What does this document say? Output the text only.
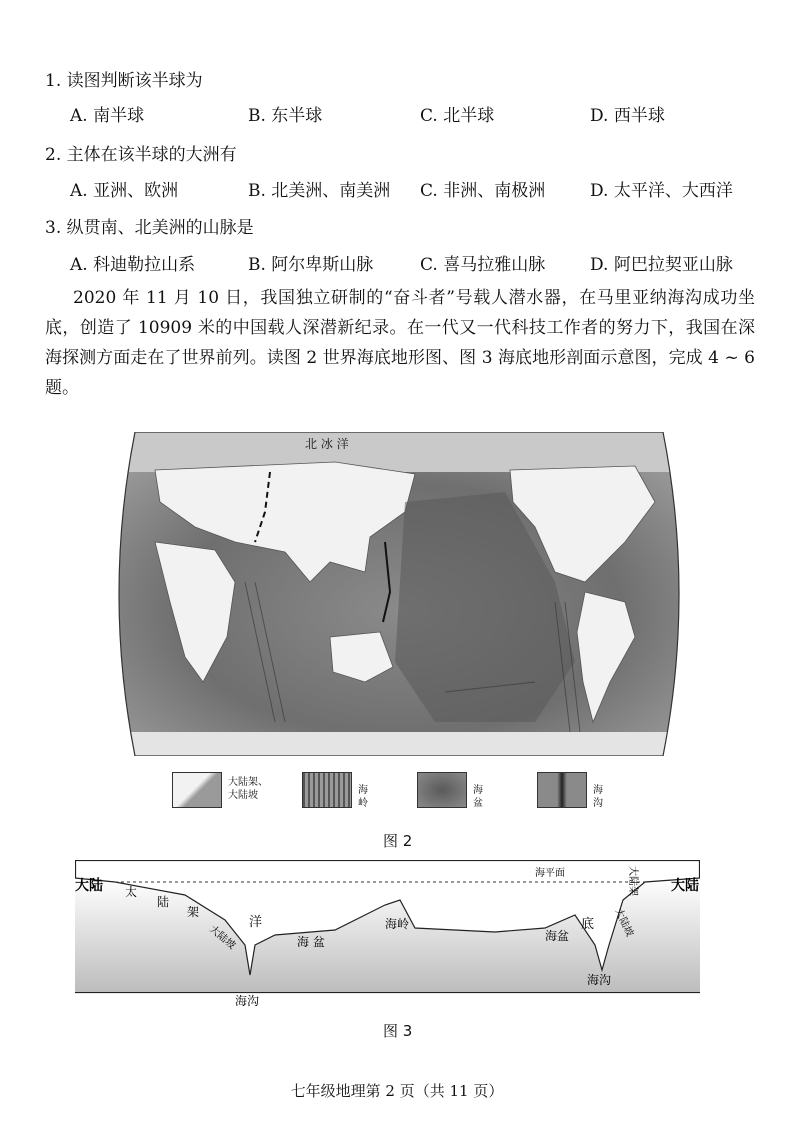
1. 读图判断该半球为
A. 南半球	B. 东半球	C. 北半球	D. 西半球
2. 主体在该半球的大洲有
A. 亚洲、欧洲	B. 北美洲、南美洲 C. 非洲、南极洲	D. 太平洋、大西洋
3. 纵贯南、北美洲的山脉是
A. 科迪勒拉山系	B. 阿尔卑斯山脉	C. 喜马拉雅山脉	D. 阿巴拉契亚山脉

2020 年 11 月 10 日，我国独立研制的“奋斗者”号载人潜水器，在马里亚纳海沟成功坐底，创造了 10909 米的中国载人深潜新纪录。在一代又一代科技工作者的努力下，我国在深海探测方面走在了世界前列。读图 2 世界海底地形图、图 3 海底地形剖面示意图，完成 4 ~ 6 题。

北 冰 洋
大陆架、大陆坡	海岭
海盆
海沟
图 2
大陆	大陆
太
陆
架
大陆坡
洋
海 盆
海岭
海平面
海盆
底
大陆架
大陆坡
海沟
海沟
图 3
七年级地理第 2 页（共 11 页）
